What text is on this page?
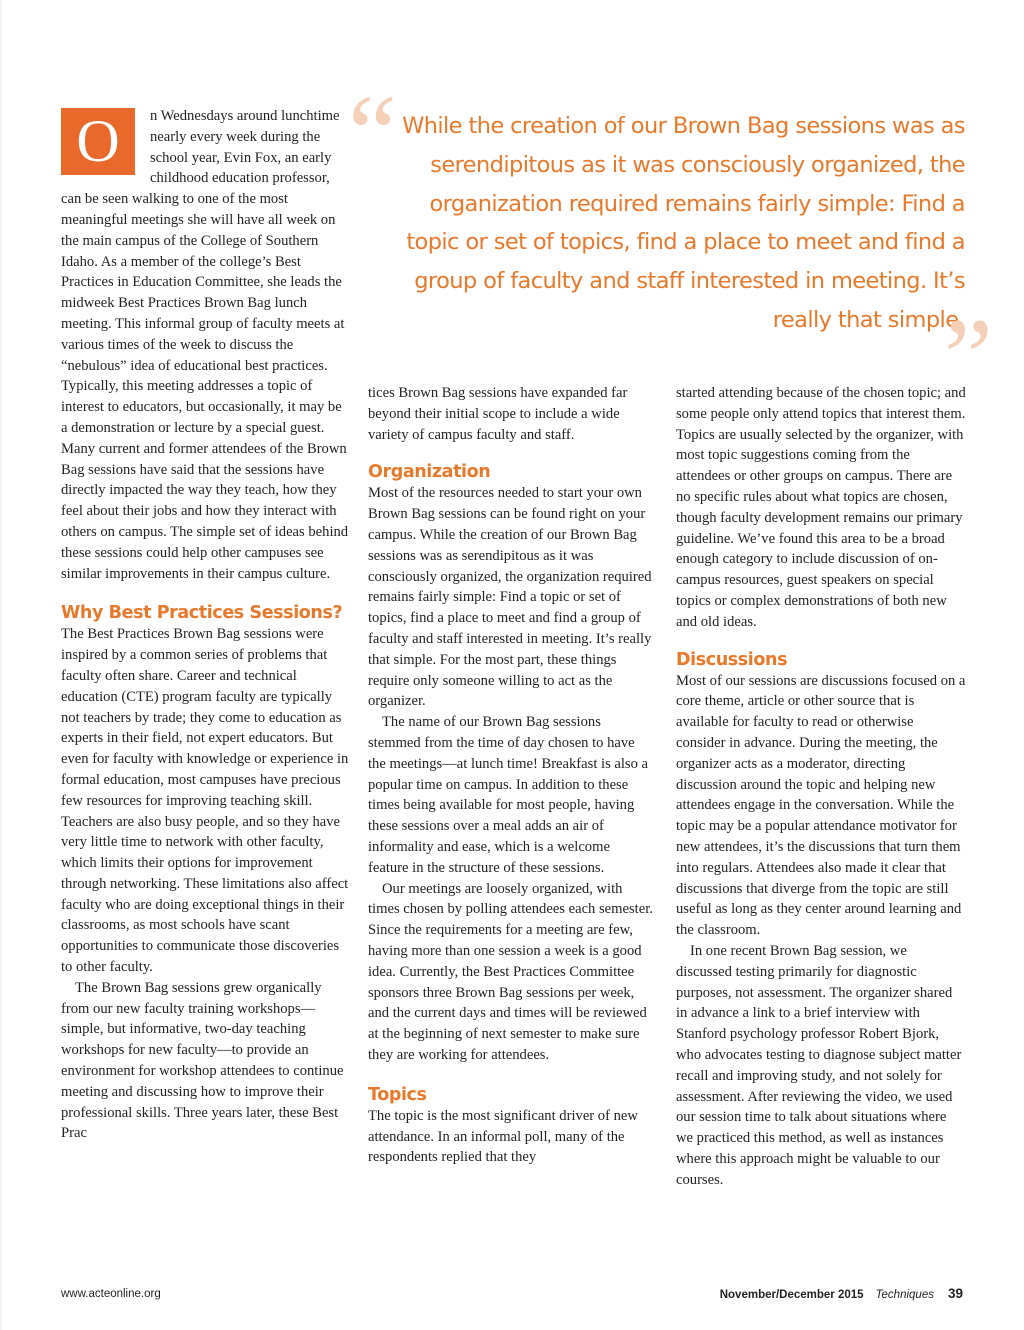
“ While the creation of our Brown Bag sessions was as serendipitous as it was consciously organized, the organization required remains fairly simple: Find a topic or set of topics, find a place to meet and find a group of faculty and staff interested in meeting. It’s really that simple.
”
O	n Wednesdays around lunchtime nearly every week during the school year, Evin Fox, an early childhood education professor, can be seen walking to one of the most meaningful meetings she will have all week on the main campus of the College of Southern Idaho. As a member of the college’s Best Practices in Education Committee, she leads the midweek Best Practices Brown Bag lunch meeting. This informal group of faculty meets at various times of the week to discuss the “nebulous” idea of educational best practices. Typically, this meeting addresses a topic of interest to educators, but occasionally, it may be a demonstration or lecture by a special guest. Many current and former attendees of the Brown Bag sessions have said that the sessions have directly impacted the way they teach, how they feel about their jobs and how they interact with others on campus. The simple set of ideas behind these sessions could help other campuses see similar improvements in their campus culture.

Why Best Practices Sessions?

The Best Practices Brown Bag sessions were inspired by a common series of problems that faculty often share. Career and technical education (CTE) program faculty are typically not teachers by trade; they come to education as experts in their field, not expert educators. But even for faculty with knowledge or experience in formal education, most campuses have precious few resources for improving teaching skill. Teachers are also busy people, and so they have very little time to network with other faculty, which limits their options for improvement through networking. These limitations also affect faculty who are doing exceptional things in their classrooms, as most schools have scant opportunities to communicate those discoveries to other faculty.

The Brown Bag sessions grew organically from our new faculty training workshops—simple, but informative, two-day teaching workshops for new faculty—to provide an environment for workshop attendees to continue meeting and discussing how to improve their professional skills. Three years later, these Best Prac

tices Brown Bag sessions have expanded far beyond their initial scope to include a wide variety of campus faculty and staff.

Organization

Most of the resources needed to start your own Brown Bag sessions can be found right on your campus. While the creation of our Brown Bag sessions was as serendipitous as it was consciously organized, the organization required remains fairly simple: Find a topic or set of topics, find a place to meet and find a group of faculty and staff interested in meeting. It’s really that simple. For the most part, these things require only someone willing to act as the organizer.

The name of our Brown Bag sessions stemmed from the time of day chosen to have the meetings—at lunch time! Breakfast is also a popular time on campus. In addition to these times being available for most people, having these sessions over a meal adds an air of informality and ease, which is a welcome feature in the structure of these sessions.

Our meetings are loosely organized, with times chosen by polling attendees each semester. Since the requirements for a meeting are few, having more than one session a week is a good idea. Currently, the Best Practices Committee sponsors three Brown Bag sessions per week, and the current days and times will be reviewed at the beginning of next semester to make sure they are working for attendees.

Topics

The topic is the most significant driver of new attendance. In an informal poll, many of the respondents replied that they

started attending because of the chosen topic; and some people only attend topics that interest them. Topics are usually selected by the organizer, with most topic suggestions coming from the attendees or other groups on campus. There are no specific rules about what topics are chosen, though faculty development remains our primary guideline. We’ve found this area to be a broad enough category to include discussion of on-campus resources, guest speakers on special topics or complex demonstrations of both new and old ideas.

Discussions

Most of our sessions are discussions focused on a core theme, article or other source that is available for faculty to read or otherwise consider in advance. During the meeting, the organizer acts as a moderator, directing discussion around the topic and helping new attendees engage in the conversation. While the topic may be a popular attendance motivator for new attendees, it’s the discussions that turn them into regulars. Attendees also made it clear that discussions that diverge from the topic are still useful as long as they center around learning and the classroom.

In one recent Brown Bag session, we discussed testing primarily for diagnostic purposes, not assessment. The organizer shared in advance a link to a brief interview with Stanford psychology professor Robert Bjork, who advocates testing to diagnose subject matter recall and improving study, and not solely for assessment. After reviewing the video, we used our session time to talk about situations where we practiced this method, as well as instances where this approach might be valuable to our courses.

www.acteonline.org	November/December 2015 Techniques 39
